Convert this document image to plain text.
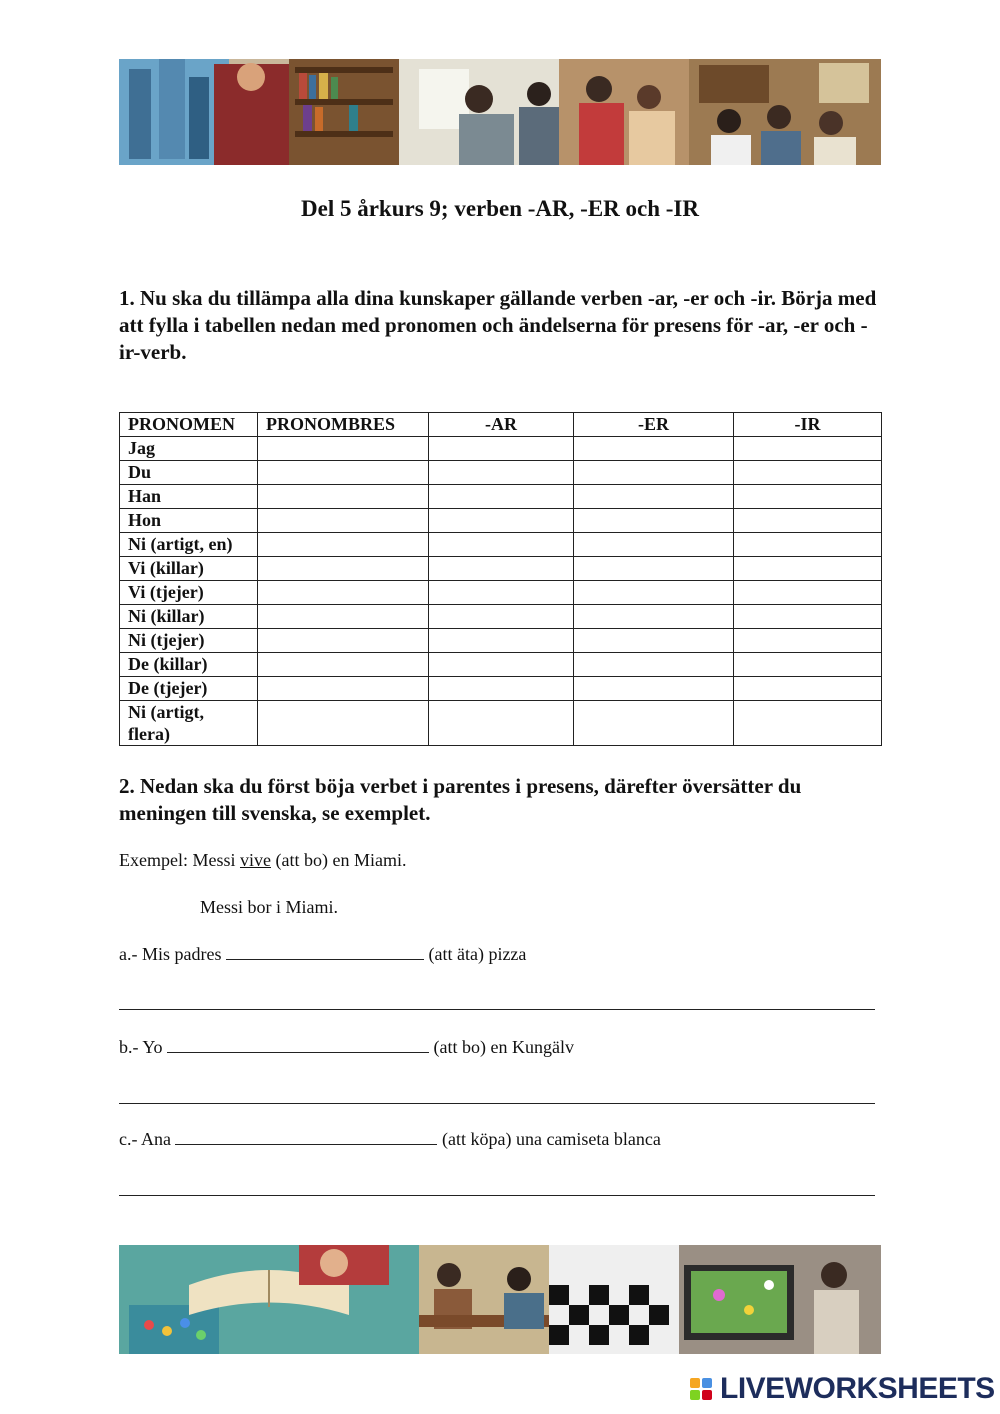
Del 5 årkurs 9; verben -AR, -ER och -IR

1. Nu ska du tillämpa alla dina kunskaper gällande verben -ar, -er och -ir. Börja med att fylla i tabellen nedan med pronomen och ändelserna för presens för -ar, -er och -ir-verb.

PRONOMEN	PRONOMBRES	-AR	-ER	-IR
Jag				
Du				
Han				
Hon				
Ni (artigt, en)				
Vi (killar)				
Vi (tjejer)				
Ni (killar)				
Ni (tjejer)				
De (killar)				
De (tjejer)				
Ni (artigt, flera)				

2. Nedan ska du först böja verbet i parentes i presens, därefter översätter du meningen till svenska, se exemplet.

Exempel: Messi vive (att bo) en Miami.
Messi bor i Miami.
a.- Mis padres	(att äta) pizza
b.- Yo	(att bo) en Kungälv
c.- Ana	(att köpa) una camiseta blanca
LIVEWORKSHEETS
